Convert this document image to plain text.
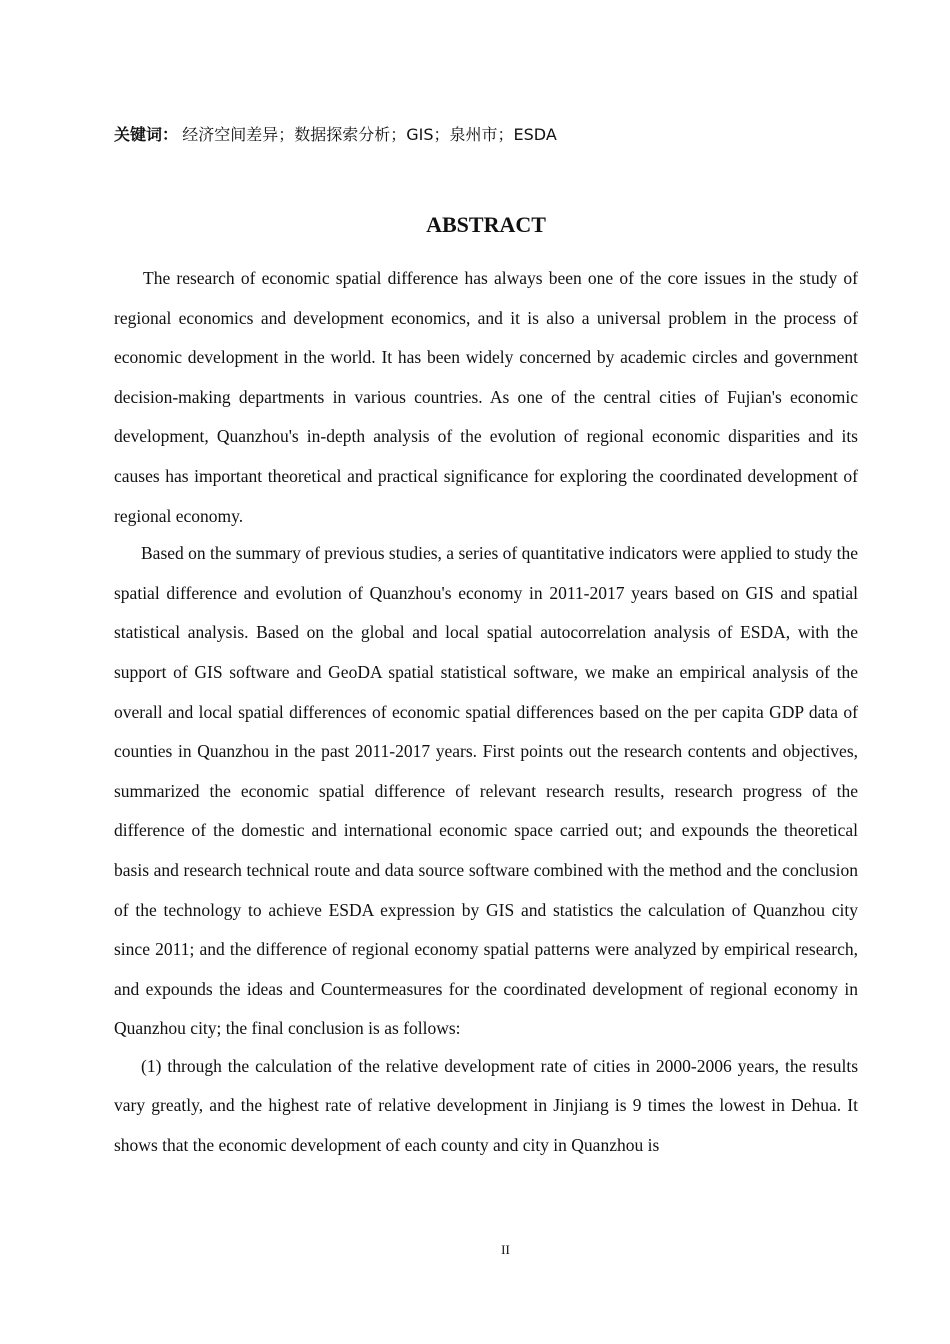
关键词： 经济空间差异；数据探索分析；GIS；泉州市；ESDA
ABSTRACT

The research of economic spatial difference has always been one of the core issues in the study of regional economics and development economics, and it is also a universal problem in the process of economic development in the world. It has been widely concerned by academic circles and government decision-making departments in various countries. As one of the central cities of Fujian's economic development, Quanzhou's in-depth analysis of the evolution of regional economic disparities and its causes has important theoretical and practical significance for exploring the coordinated development of regional economy.

Based on the summary of previous studies, a series of quantitative indicators were applied to study the spatial difference and evolution of Quanzhou's economy in 2011-2017 years based on GIS and spatial statistical analysis. Based on the global and local spatial autocorrelation analysis of ESDA, with the support of GIS software and GeoDA spatial statistical software, we make an empirical analysis of the overall and local spatial differences of economic spatial differences based on the per capita GDP data of counties in Quanzhou in the past 2011-2017 years. First points out the research contents and objectives, summarized the economic spatial difference of relevant research results, research progress of the difference of the domestic and international economic space carried out; and expounds the theoretical basis and research technical route and data source software combined with the method and the conclusion of the technology to achieve ESDA expression by GIS and statistics the calculation of Quanzhou city since 2011; and the difference of regional economy spatial patterns were analyzed by empirical research, and expounds the ideas and Countermeasures for the coordinated development of regional economy in Quanzhou city; the final conclusion is as follows:

(1) through the calculation of the relative development rate of cities in 2000-2006 years, the results vary greatly, and the highest rate of relative development in Jinjiang is 9 times the lowest in Dehua. It shows that the economic development of each county and city in Quanzhou is

II
